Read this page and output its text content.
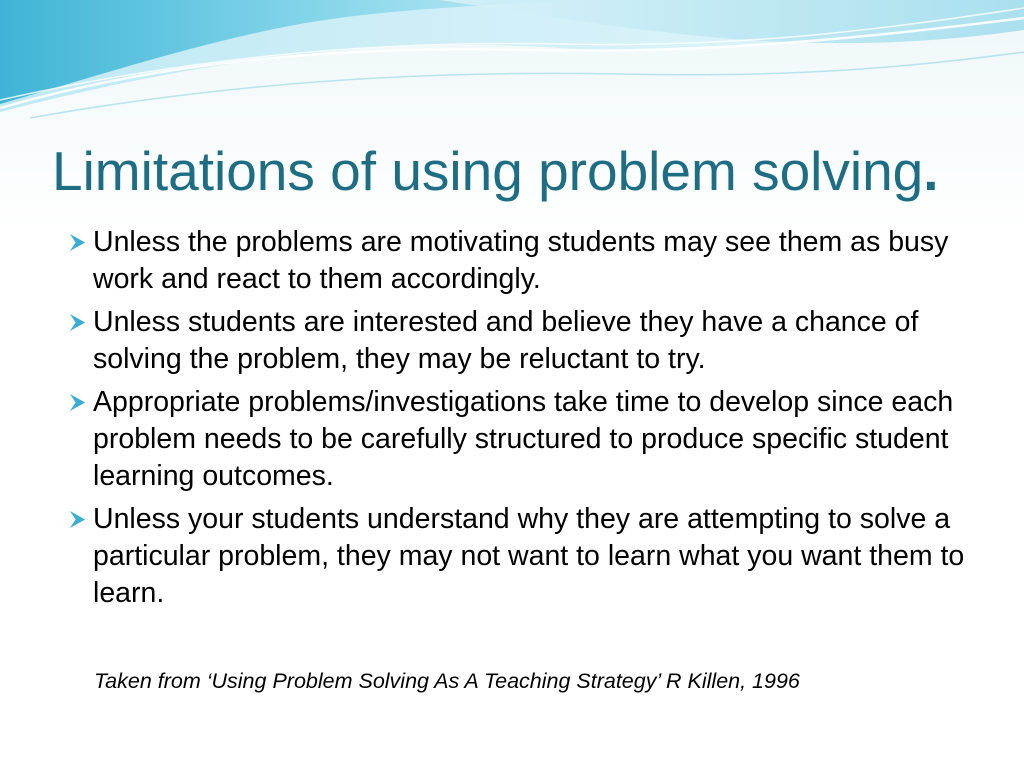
Limitations of using problem solving.
Unless the problems are motivating students may see them as busy work and react to them accordingly.
Unless students are interested and believe they have a chance of solving the problem, they may be reluctant to try.
Appropriate problems/investigations take time to develop since each problem needs to be carefully structured to produce specific student learning outcomes.
Unless your students understand why they are attempting to solve a particular problem, they may not want to learn what you want them to learn.

Taken from ‘Using Problem Solving As A Teaching Strategy’ R Killen, 1996
